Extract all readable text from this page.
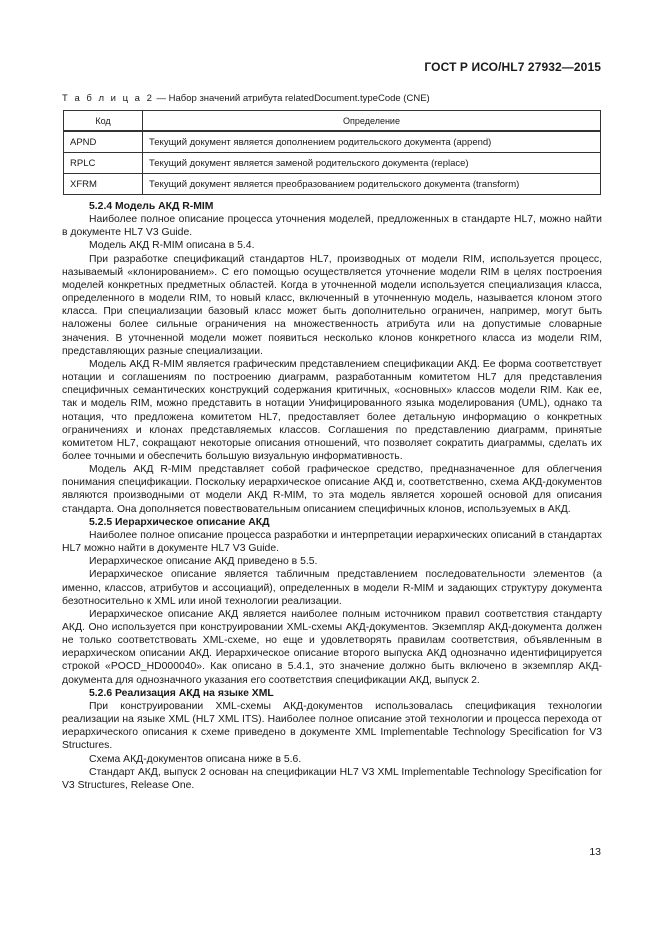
ГОСТ Р ИСО/HL7 27932—2015
Т а б л и ц а 2 — Набор значений атрибута relatedDocument.typeCode (CNE)
Код	Определение
APND	Текущий документ является дополнением родительского документа (append)
RPLC	Текущий документ является заменой родительского документа (replace)
XFRM	Текущий документ является преобразованием родительского документа (transform)
5.2.4 Модель АКД R-MIM

Наиболее полное описание процесса уточнения моделей, предложенных в стандарте HL7, можно найти в документе HL7 V3 Guide.

Модель АКД R-MIM описана в 5.4.

При разработке спецификаций стандартов HL7, производных от модели RIM, используется процесс, называемый «клонированием». С его помощью осуществляется уточнение модели RIM в целях построения моделей конкретных предметных областей. Когда в уточненной модели используется специализация класса, определенного в модели RIM, то новый класс, включенный в уточненную модель, называется клоном этого класса. При специализации базовый класс может быть дополнительно ограничен, например, могут быть наложены более сильные ограничения на множественность атрибута или на допустимые словарные значения. В уточненной модели может появиться несколько клонов конкретного класса из модели RIM, представляющих разные специализации.

Модель АКД R-MIM является графическим представлением спецификации АКД. Ее форма соответствует нотации и соглашениям по построению диаграмм, разработанным комитетом HL7 для представления специфичных семантических конструкций содержания критичных, «основных» классов модели RIM. Как ее, так и модель RIM, можно представить в нотации Унифицированного языка моделирования (UML), однако та нотация, что предложена комитетом HL7, предоставляет более детальную информацию о конкретных ограничениях и клонах представляемых классов. Соглашения по представлению диаграмм, принятые комитетом HL7, сокращают некоторые описания отношений, что позволяет сократить диаграммы, сделать их более точными и обеспечить большую визуальную информативность.

Модель АКД R-MIM представляет собой графическое средство, предназначенное для облегчения понимания спецификации. Поскольку иерархическое описание АКД и, соответственно, схема АКД-документов являются производными от модели АКД R-MIM, то эта модель является хорошей основой для описания стандарта. Она дополняется повествовательным описанием специфичных клонов, используемых в АКД.

5.2.5 Иерархическое описание АКД

Наиболее полное описание процесса разработки и интерпретации иерархических описаний в стандартах HL7 можно найти в документе HL7 V3 Guide.

Иерархическое описание АКД приведено в 5.5.

Иерархическое описание является табличным представлением последовательности элементов (а именно, классов, атрибутов и ассоциаций), определенных в модели R-MIM и задающих структуру документа безотносительно к XML или иной технологии реализации.

Иерархическое описание АКД является наиболее полным источником правил соответствия стандарту АКД. Оно используется при конструировании XML-схемы АКД-документов. Экземпляр АКД-документа должен не только соответствовать XML-схеме, но еще и удовлетворять правилам соответствия, объявленным в иерархическом описании АКД. Иерархическое описание второго выпуска АКД однозначно идентифицируется строкой «POCD_HD000040». Как описано в 5.4.1, это значение должно быть включено в экземпляр АКД-документа для однозначного указания его соответствия спецификации АКД, выпуск 2.

5.2.6 Реализация АКД на языке XML

При конструировании XML-схемы АКД-документов использовалась спецификация технологии реализации на языке XML (HL7 XML ITS). Наиболее полное описание этой технологии и процесса перехода от иерархического описания к схеме приведено в документе XML Implementable Technology Specification for V3 Structures.

Схема АКД-документов описана ниже в 5.6.

Стандарт АКД, выпуск 2 основан на спецификации HL7 V3 XML Implementable Technology Specification for V3 Structures, Release One.

13
